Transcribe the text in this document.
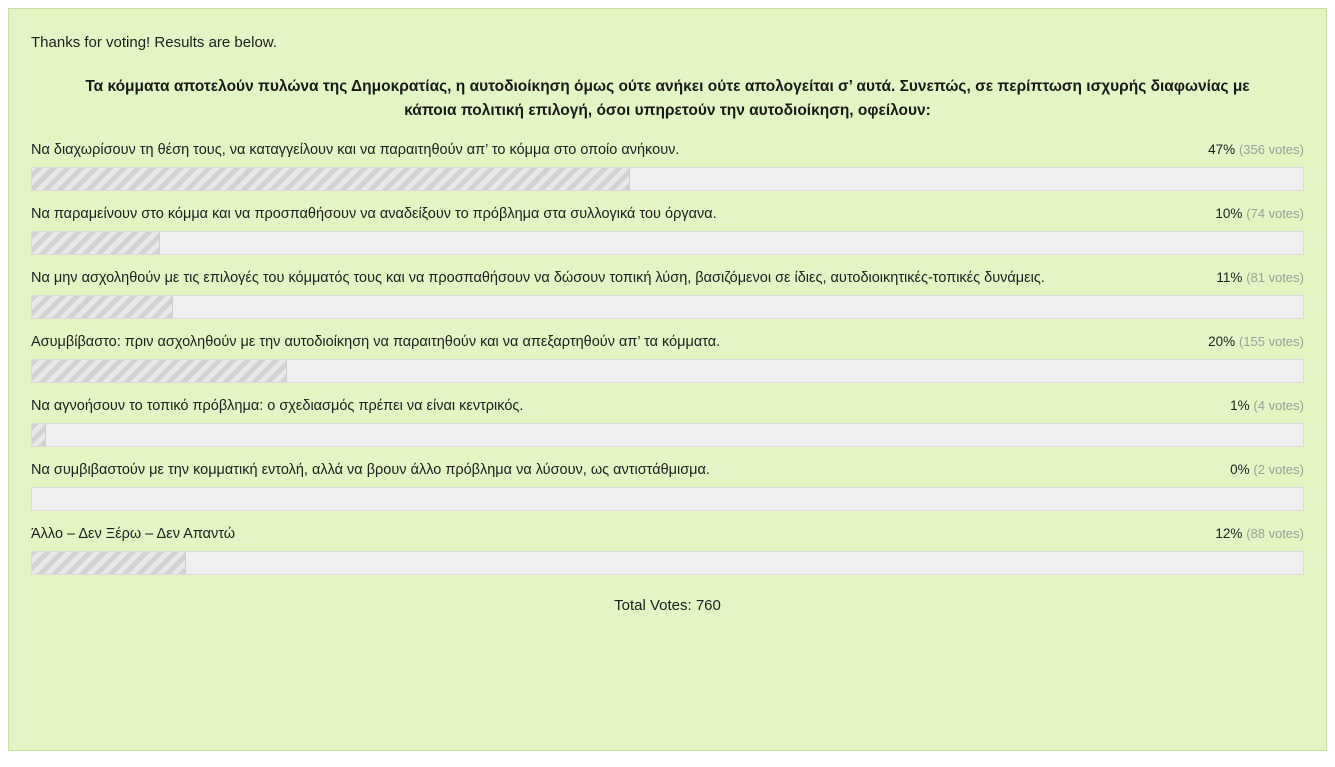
Thanks for voting! Results are below.

Τα κόμματα αποτελούν πυλώνα της Δημοκρατίας, η αυτοδιοίκηση όμως ούτε ανήκει ούτε απολογείται σ’ αυτά. Συνεπώς, σε περίπτωση ισχυρής διαφωνίας με κάποια πολιτική επιλογή, όσοι υπηρετούν την αυτοδιοίκηση, οφείλουν:
Να διαχωρίσουν τη θέση τους, να καταγγείλουν και να παραιτηθούν απ’ το κόμμα στο οποίο ανήκουν.	47% (356 votes)
Να παραμείνουν στο κόμμα και να προσπαθήσουν να αναδείξουν το πρόβλημα στα συλλογικά του όργανα.	10% (74 votes)
Να μην ασχοληθούν με τις επιλογές του κόμματός τους και να προσπαθήσουν να δώσουν τοπική λύση, βασιζόμενοι σε ίδιες, αυτοδιοικητικές-τοπικές δυνάμεις.	11% (81 votes)
Ασυμβίβαστο: πριν ασχοληθούν με την αυτοδιοίκηση να παραιτηθούν και να απεξαρτηθούν απ’ τα κόμματα.	20% (155 votes)
Να αγνοήσουν το τοπικό πρόβλημα: ο σχεδιασμός πρέπει να είναι κεντρικός.	1% (4 votes)
Να συμβιβαστούν με την κομματική εντολή, αλλά να βρουν άλλο πρόβλημα να λύσουν, ως αντιστάθμισμα.	0% (2 votes)
Άλλο – Δεν Ξέρω – Δεν Απαντώ	12% (88 votes)
Total Votes: 760
